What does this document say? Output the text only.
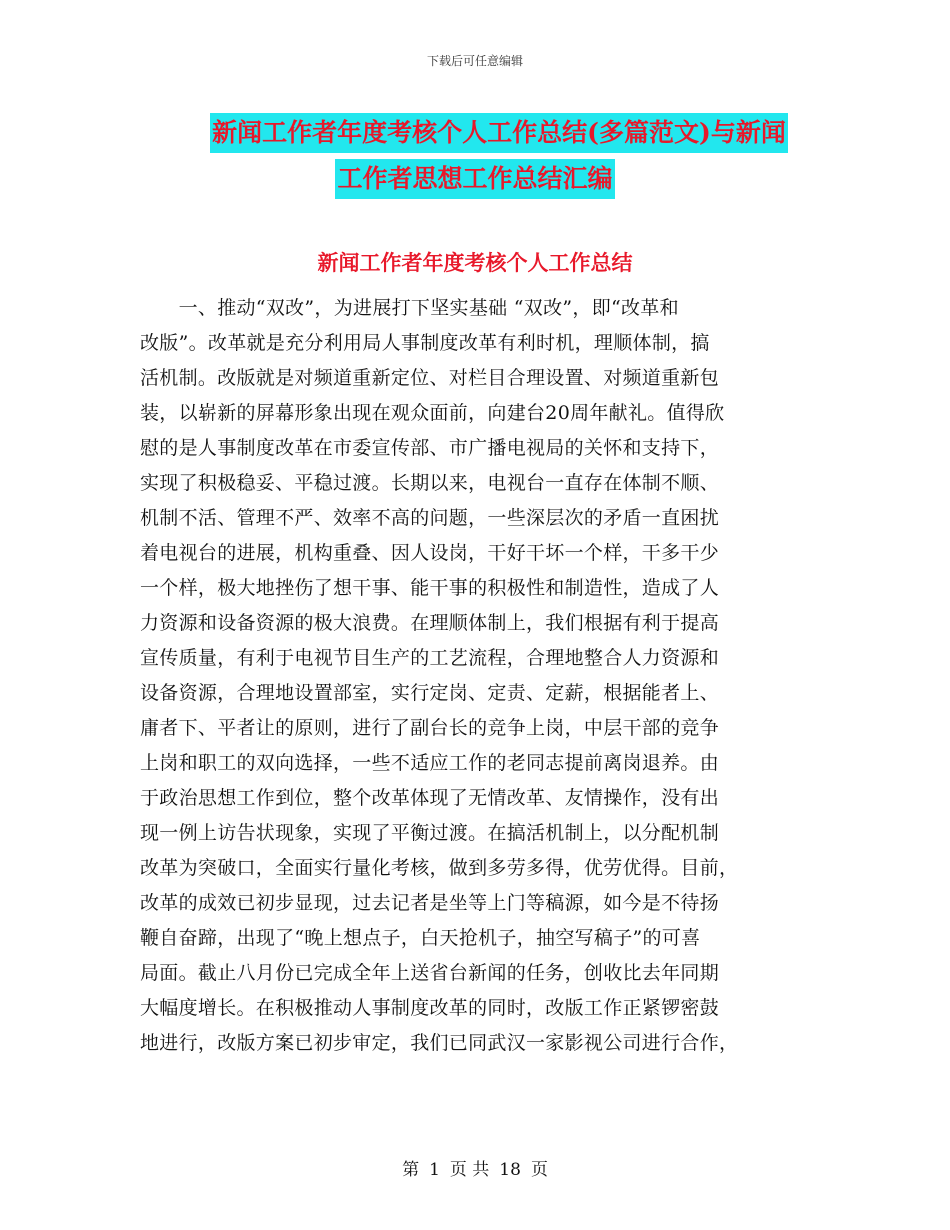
下载后可任意编辑
新闻工作者年度考核个人工作总结(多篇范文)与新闻
工作者思想工作总结汇编
新闻工作者年度考核个人工作总结
　　一、推动“双改”，为进展打下坚实基础 “双改”，即“改革和
改版”。改革就是充分利用局人事制度改革有利时机，理顺体制，搞
活机制。改版就是对频道重新定位、对栏目合理设置、对频道重新包
装，以崭新的屏幕形象出现在观众面前，向建台20周年献礼。值得欣
慰的是人事制度改革在市委宣传部、市广播电视局的关怀和支持下，
实现了积极稳妥、平稳过渡。长期以来，电视台一直存在体制不顺、
机制不活、管理不严、效率不高的问题，一些深层次的矛盾一直困扰
着电视台的进展，机构重叠、因人设岗，干好干坏一个样，干多干少
一个样，极大地挫伤了想干事、能干事的积极性和制造性，造成了人
力资源和设备资源的极大浪费。在理顺体制上，我们根据有利于提高
宣传质量，有利于电视节目生产的工艺流程，合理地整合人力资源和
设备资源，合理地设置部室，实行定岗、定责、定薪，根据能者上、
庸者下、平者让的原则，进行了副台长的竞争上岗，中层干部的竞争
上岗和职工的双向选择，一些不适应工作的老同志提前离岗退养。由
于政治思想工作到位，整个改革体现了无情改革、友情操作，没有出
现一例上访告状现象，实现了平衡过渡。在搞活机制上，以分配机制
改革为突破口，全面实行量化考核，做到多劳多得，优劳优得。目前，
改革的成效已初步显现，过去记者是坐等上门等稿源，如今是不待扬
鞭自奋蹄，出现了“晚上想点子，白天抢机子，抽空写稿子”的可喜
局面。截止八月份已完成全年上送省台新闻的任务，创收比去年同期
大幅度增长。在积极推动人事制度改革的同时，改版工作正紧锣密鼓
地进行，改版方案已初步审定，我们已同武汉一家影视公司进行合作，
第 1 页 共 18 页
